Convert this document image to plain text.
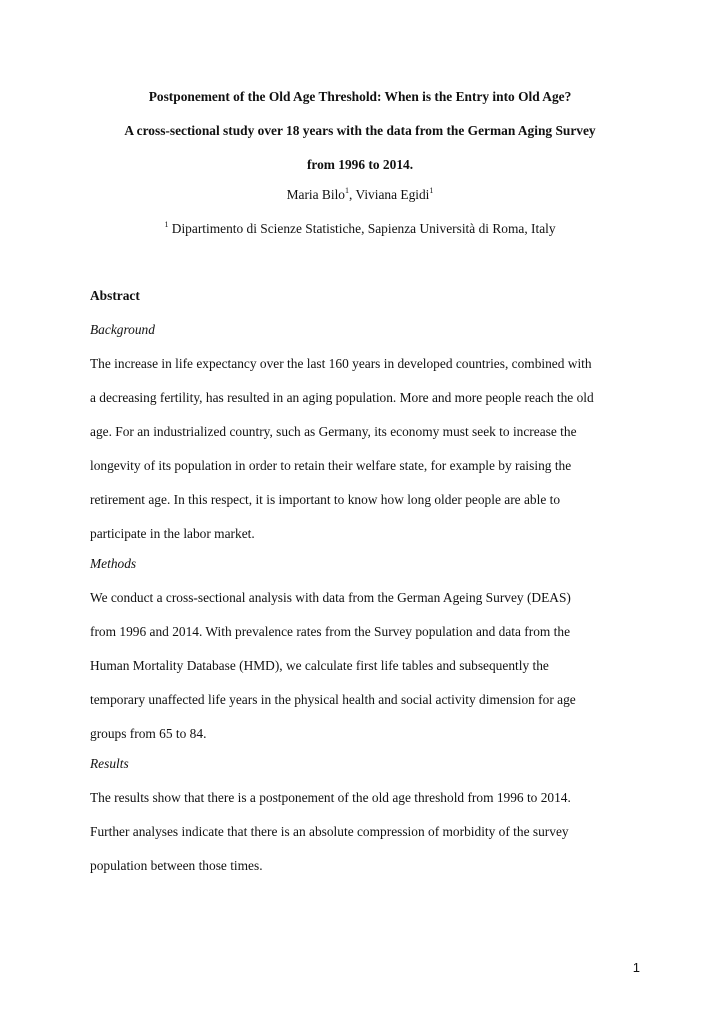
Postponement of the Old Age Threshold: When is the Entry into Old Age?
A cross-sectional study over 18 years with the data from the German Aging Survey
from 1996 to 2014.
Maria Bilo$^1$, Viviana Egidi$^1$
$^1$ Dipartimento di Scienze Statistiche, Sapienza Università di Roma, Italy
Abstract
Background
The increase in life expectancy over the last 160 years in developed countries, combined with
a decreasing fertility, has resulted in an aging population. More and more people reach the old
age. For an industrialized country, such as Germany, its economy must seek to increase the
longevity of its population in order to retain their welfare state, for example by raising the
retirement age. In this respect, it is important to know how long older people are able to
participate in the labor market.
Methods
We conduct a cross-sectional analysis with data from the German Ageing Survey (DEAS)
from 1996 and 2014. With prevalence rates from the Survey population and data from the
Human Mortality Database (HMD), we calculate first life tables and subsequently the
temporary unaffected life years in the physical health and social activity dimension for age
groups from 65 to 84.
Results
The results show that there is a postponement of the old age threshold from 1996 to 2014.
Further analyses indicate that there is an absolute compression of morbidity of the survey
population between those times.
1
